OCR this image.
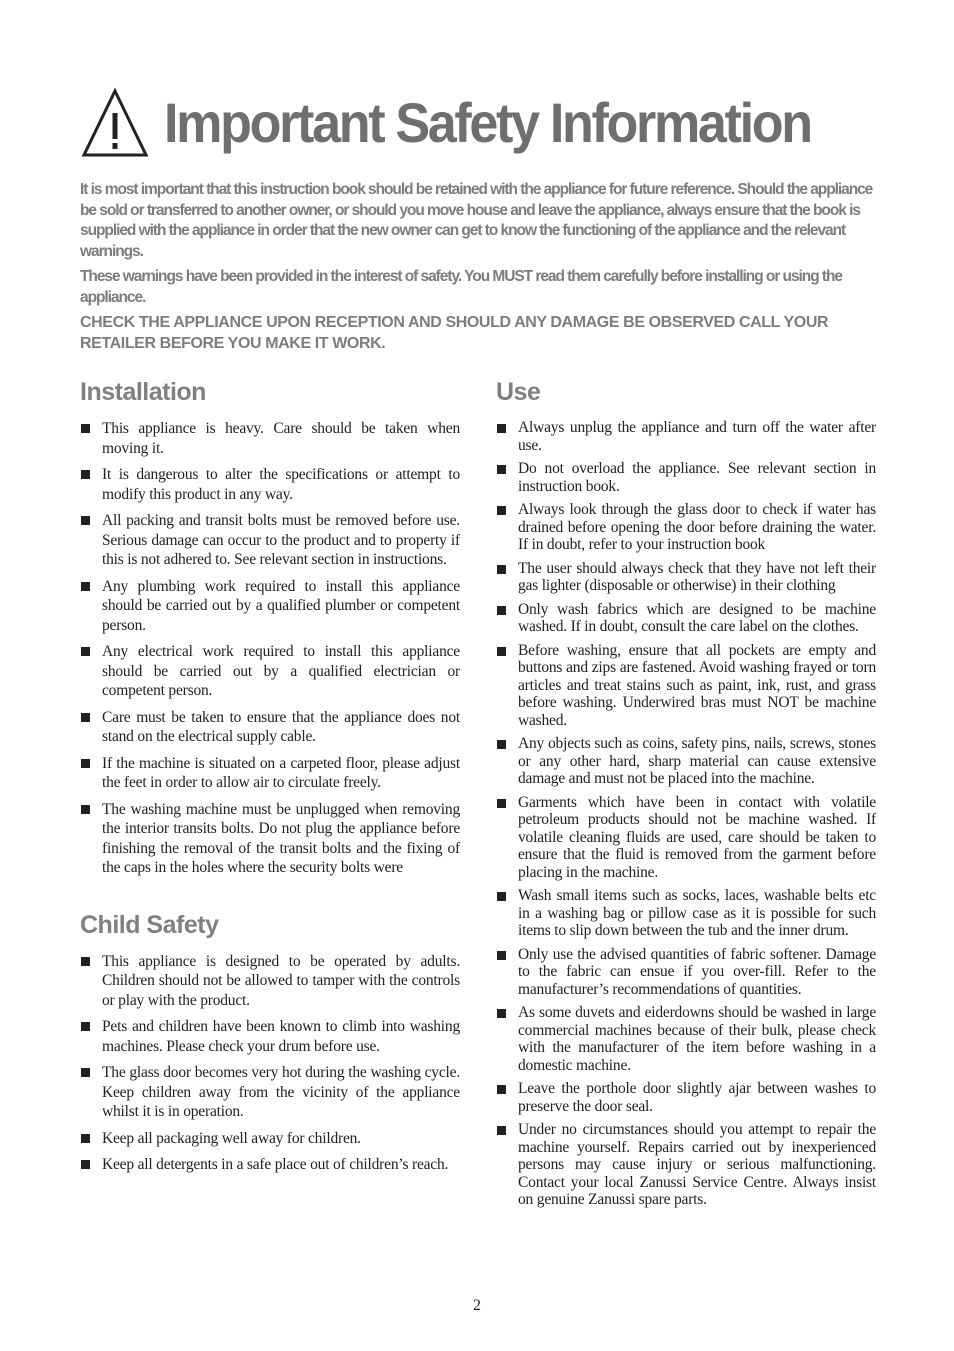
Important Safety Information

It is most important that this instruction book should be retained with the appliance for future reference. Should the appliance be sold or transferred to another owner, or should you move house and leave the appliance, always ensure that the book is supplied with the appliance in order that the new owner can get to know the functioning of the appliance and the relevant warnings.

These warnings have been provided in the interest of safety. You MUST read them carefully before installing or using the appliance.

CHECK THE APPLIANCE UPON RECEPTION AND SHOULD ANY DAMAGE BE OBSERVED CALL YOUR RETAILER BEFORE YOU MAKE IT WORK.

Installation
This appliance is heavy. Care should be taken when moving it.
It is dangerous to alter the specifications or attempt to modify this product in any way.
All packing and transit bolts must be removed before use. Serious damage can occur to the product and to property if this is not adhered to. See relevant section in instructions.
Any plumbing work required to install this appliance should be carried out by a qualified plumber or competent person.
Any electrical work required to install this appliance should be carried out by a qualified electrician or competent person.
Care must be taken to ensure that the appliance does not stand on the electrical supply cable.
If the machine is situated on a carpeted floor, please adjust the feet in order to allow air to circulate freely.
The washing machine must be unplugged when removing the interior transits bolts. Do not plug the appliance before finishing the removal of the transit bolts and the fixing of the caps in the holes where the security bolts were
Child Safety
This appliance is designed to be operated by adults. Children should not be allowed to tamper with the controls or play with the product.
Pets and children have been known to climb into washing machines. Please check your drum before use.
The glass door becomes very hot during the washing cycle. Keep children away from the vicinity of the appliance whilst it is in operation.
Keep all packaging well away for children.
Keep all detergents in a safe place out of children’s reach.
Use
Always unplug the appliance and turn off the water after use.
Do not overload the appliance. See relevant section in instruction book.
Always look through the glass door to check if water has drained before opening the door before draining the water. If in doubt, refer to your instruction book
The user should always check that they have not left their gas lighter (disposable or otherwise) in their clothing
Only wash fabrics which are designed to be machine washed. If in doubt, consult the care label on the clothes.
Before washing, ensure that all pockets are empty and buttons and zips are fastened. Avoid washing frayed or torn articles and treat stains such as paint, ink, rust, and grass before washing. Underwired bras must NOT be machine washed.
Any objects such as coins, safety pins, nails, screws, stones or any other hard, sharp material can cause extensive damage and must not be placed into the machine.
Garments which have been in contact with volatile petroleum products should not be machine washed. If volatile cleaning fluids are used, care should be taken to ensure that the fluid is removed from the garment before placing in the machine.
Wash small items such as socks, laces, washable belts etc in a washing bag or pillow case as it is possible for such items to slip down between the tub and the inner drum.
Only use the advised quantities of fabric softener. Damage to the fabric can ensue if you over-fill. Refer to the manufacturer’s recommendations of quantities.
As some duvets and eiderdowns should be washed in large commercial machines because of their bulk, please check with the manufacturer of the item before washing in a domestic machine.
Leave the porthole door slightly ajar between washes to preserve the door seal.
Under no circumstances should you attempt to repair the machine yourself. Repairs carried out by inexperienced persons may cause injury or serious malfunctioning. Contact your local Zanussi Service Centre. Always insist on genuine Zanussi spare parts.
2
